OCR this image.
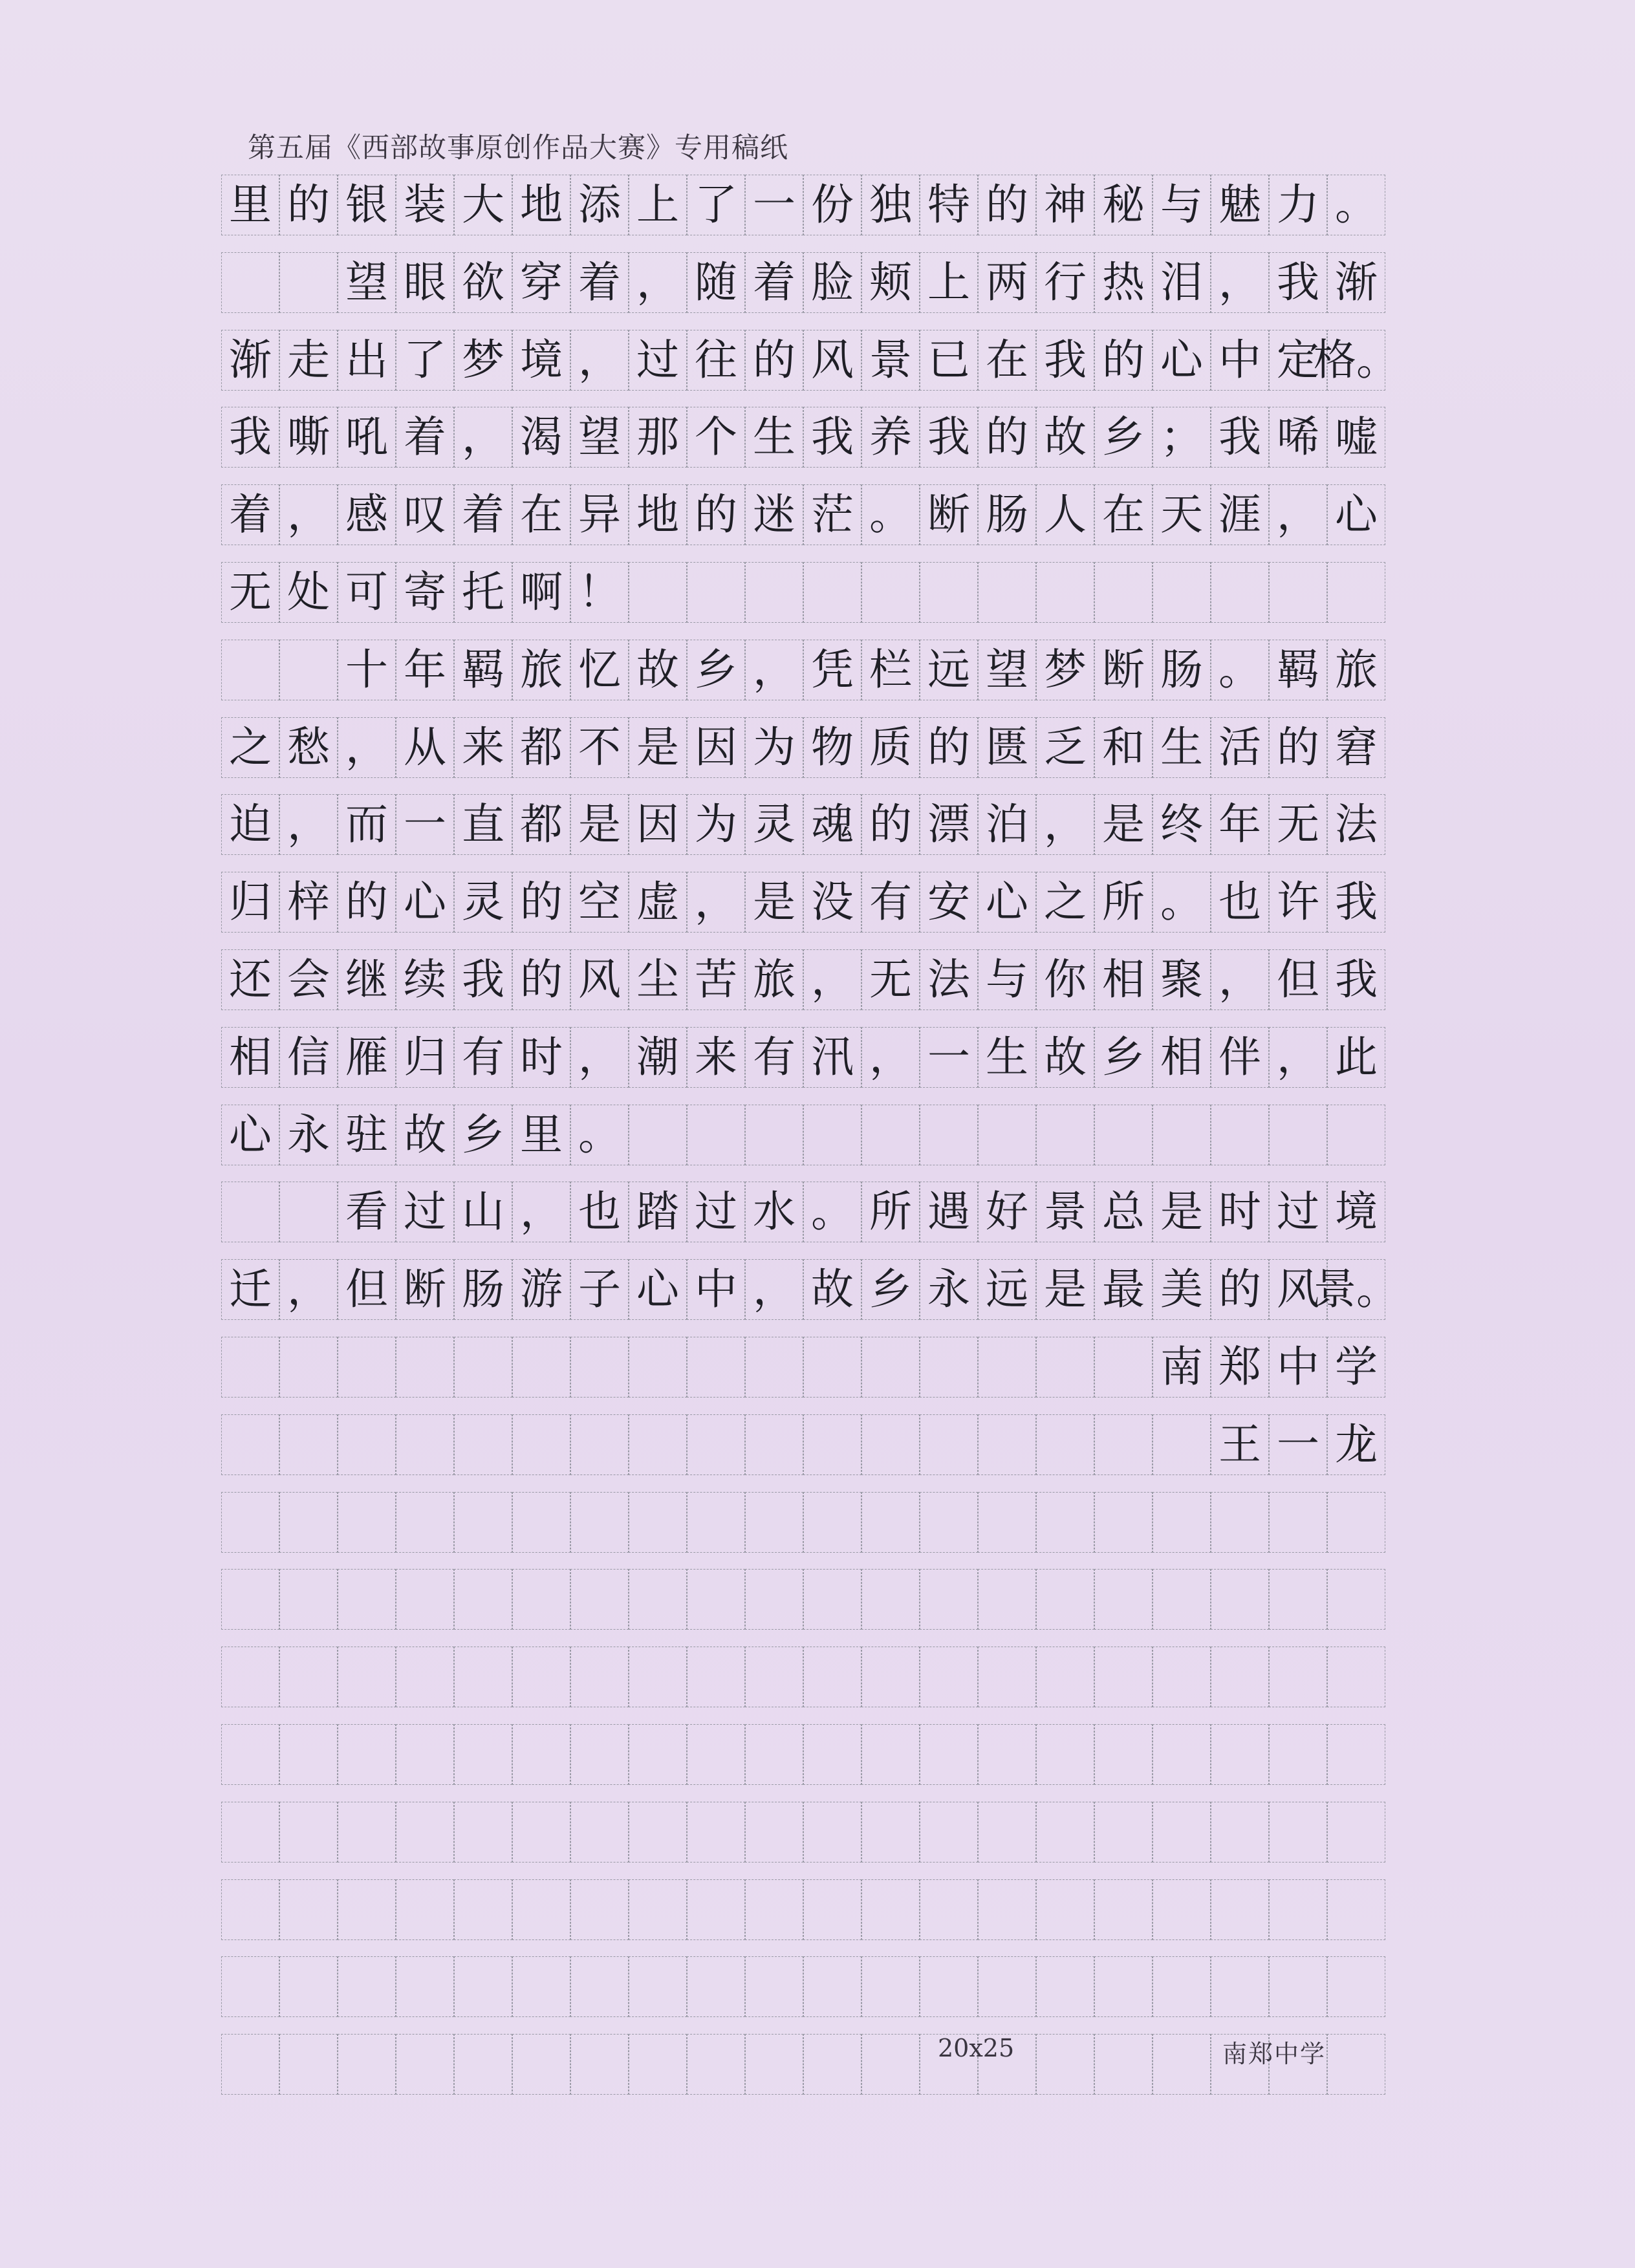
第五届《西部故事原创作品大赛》专用稿纸
里 的 银 装 大 地 添 上 了 一 份 独 特 的 神 秘 与 魅 力 。
望 眼 欲 穿 着 ， 随 着 脸 颊 上 两 行 热 泪 ， 我 渐
渐 走 出 了 梦 境 ， 过 往 的 风 景 已 在 我 的 心 中 定
格。
我 嘶 吼 着 ， 渴 望 那 个 生 我 养 我 的 故 乡 ； 我 唏 嘘
着 ， 感 叹 着 在 异 地 的 迷 茫 。 断 肠 人 在 天 涯 ， 心
无 处 可 寄 托 啊 ！
十 年 羁 旅 忆 故 乡 ， 凭 栏 远 望 梦 断 肠 。 羁 旅
之 愁 ， 从 来 都 不 是 因 为 物 质 的 匮 乏 和 生 活 的 窘
迫 ， 而 一 直 都 是 因 为 灵 魂 的 漂 泊 ， 是 终 年 无 法
归 梓 的 心 灵 的 空 虚 ， 是 没 有 安 心 之 所 。 也 许 我
还 会 继 续 我 的 风 尘 苦 旅 ， 无 法 与 你 相 聚 ， 但 我
相 信 雁 归 有 时 ， 潮 来 有 汛 ， 一 生 故 乡 相 伴 ， 此
心 永 驻 故 乡 里 。
看 过 山 ， 也 踏 过 水 。 所 遇 好 景 总 是 时 过 境
迁 ， 但 断 肠 游 子 心 中 ， 故 乡 永 远 是 最 美 的 风
景。
南 郑 中 学
王 一 龙
20x25	南郑中学
